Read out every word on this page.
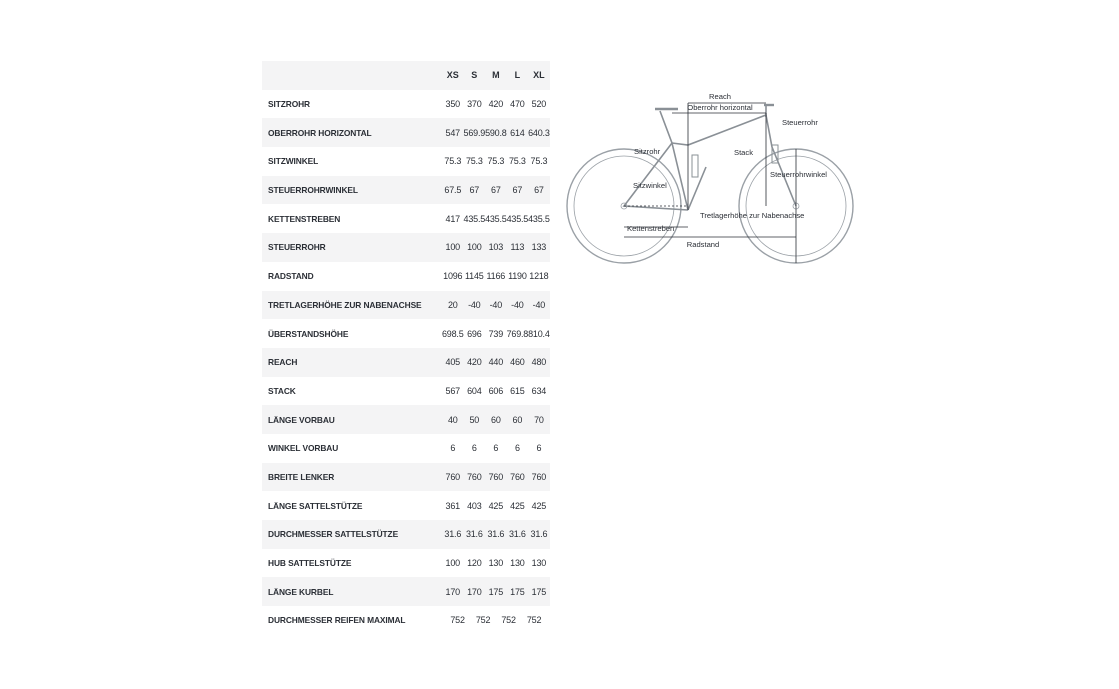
	XS	S	M	L	XL
SITZROHR	350	370	420	470	520
OBERROHR HORIZONTAL	547	569.9	590.8	614	640.3
SITZWINKEL	75.3	75.3	75.3	75.3	75.3
STEUERROHRWINKEL	67.5	67	67	67	67
KETTENSTREBEN	417	435.5	435.5	435.5	435.5
STEUERROHR	100	100	103	113	133
RADSTAND	1096	1145	1166	1190	1218
TRETLAGERHÖHE ZUR NABENACHSE	20	-40	-40	-40	-40
ÜBERSTANDSHÖHE	698.5	696	739	769.8	810.4
REACH	405	420	440	460	480
STACK	567	604	606	615	634
LÄNGE VORBAU	40	50	60	60	70
WINKEL VORBAU	6	6	6	6	6
BREITE LENKER	760	760	760	760	760
LÄNGE SATTELSTÜTZE	361	403	425	425	425
DURCHMESSER SATTELSTÜTZE	31.6	31.6	31.6	31.6	31.6
HUB SATTELSTÜTZE	100	120	130	130	130
LÄNGE KURBEL	170	170	175	175	175
DURCHMESSER REIFEN MAXIMAL	752 752 752 752				
Reach
Oberrohr horizontal
Steuerrohr
Sitzrohr	Stack
Sitzwinkel
Steuerrohrwinkel
Tretlagerhöhe zur Nabenachse
Kettenstreben
Radstand
